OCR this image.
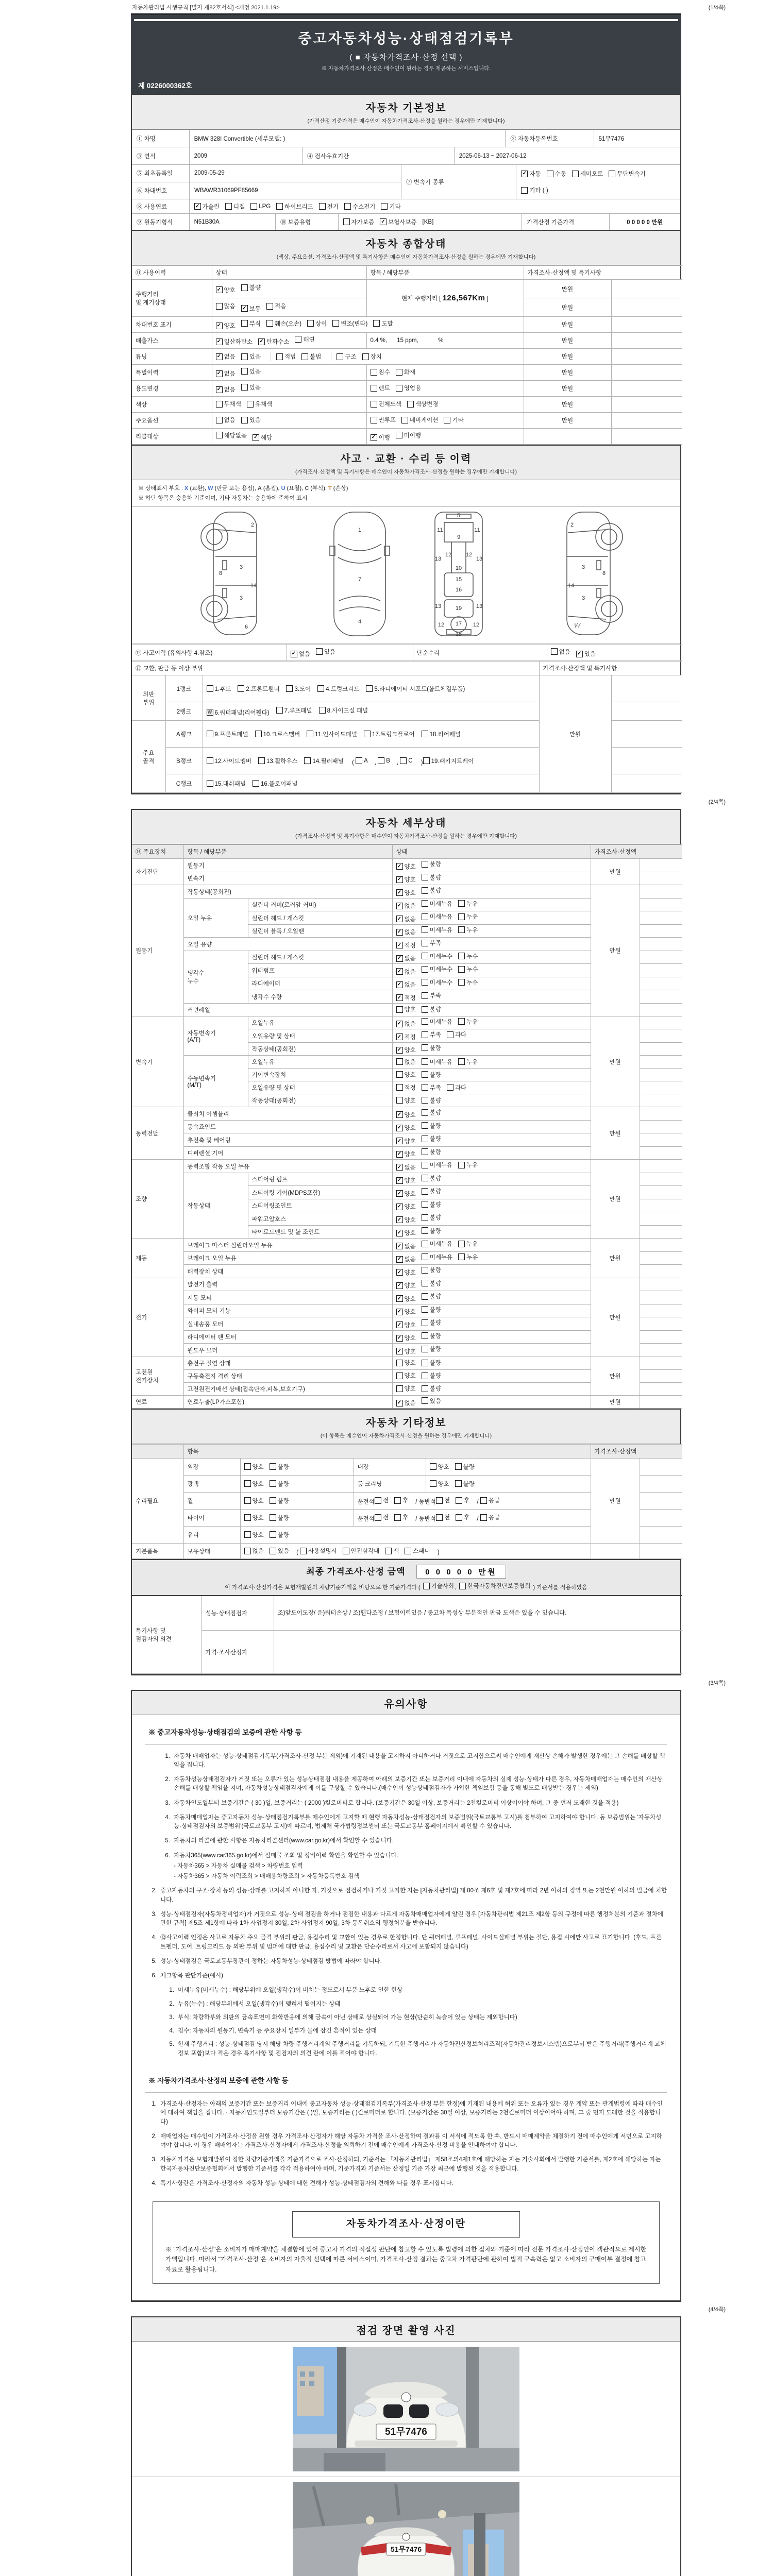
자동차관리법 시행규칙 [별지 제82호서식] <개정 2021.1.19>	(1/4쪽)
중고자동차성능·상태점검기록부
( ■ 자동차가격조사·산정 선택 )
※ 자동차가격조사·산정은 매수인이 원하는 경우 제공하는 서비스입니다.
제 0226000362호
자동차 기본정보
(가격산정 기준가격은 매수인이 자동차가격조사·산정을 원하는 경우에만 기재합니다)
① 차명	BMW 328I Convertible (세부모델: )	② 자동차등록번호	51무7476
③ 연식	2009	④ 검사유효기간	2025-06-13 ~ 2027-06-12
⑤ 최초등록일	2009-05-29
⑥ 차대번호	WBAWR31069PF85669
⑦ 변속기 종류
✓ 자동 수동 세미오토 무단변속기
기타 ( )
⑧ 사용연료	✓ 가솔린 디젤 LPG 하이브리드 전기 수소전기 기타
⑨ 원동기형식	N51B30A	⑩ 보증유형	자가보증 ✓ 보험사보증 [KB]	가격산정 기준가격	0 0 0 0 0 만원
자동차 종합상태
(색상, 주요옵션, 가격조사·산정액 및 특기사항은 매수인이 자동차가격조사·산정을 원하는 경우에만 기재합니다)
⑪ 사용이력	상태	항목 / 해당부품	가격조사·산정액 및 특기사항	
주행거리
및 계기상태	✓ 양호 불량	현재 주행거리 [ 126,567Km ]	만원	

	많음 ✓ 보통 적음		만원	
차대번호 표기	✓ 양호 부식 훼손(오손) 상이 변조(변타) 도말	만원	
배출가스	✓ 일산화탄소 ✓ 탄화수소 매연	0.4 %,      15 ppm,            %	만원	
튜닝	✓ 없음 있음	적법 불법	구조 장치	만원	
특별이력	✓ 없음 있음	침수 화재	만원	
용도변경	✓ 없음 있음	렌트 영업용	만원	
색상	무채색 유채색	전체도색 색상변경	만원	
주요옵션	없음 있음	썬루프 네비게이션 기타	만원	
리콜대상	해당없음 ✓ 해당	✓ 이행 미이행		

사고 · 교환 · 수리 등 이력
(가격조사·산정액 및 특기사항은 매수인이 자동차가격조사·산정을 원하는 경우에만 기재합니다)
※ 상태표시 부호 : X (교환), W (판금 또는 용접), A (흠집), U (요철), C (부식), T (손상)
※ 하단 항목은 승용차 기준이며, 기타 자동차는 승용차에 준하여 표시
2
8
3
3
14
6
1
7
4
5
11	11
9
13	13
12	12
10
15
16
19
13	13
12 17 12
18
2
8
3
3
14
W
⑫ 사고이력 (유의사항 4.참조)	✓ 없음 있음	단순수리	없음 ✓ 있음
⑬ 교환, 판금 등 이상 부위			가격조사·산정액 및 특기사항	
외판
부위	1랭크	1.후드 2.프론트휀더 3.도어 4.트렁크리드 5.라디에이터 서포트(볼트체결부품)	만원	
	2랭크	W 6.쿼터패널(리어휀다) 7.루프패널 8.사이드실 패널		

주요
골격	A랭크	9.프론트패널 10.크로스멤버 11.인사이드패널 17.트렁크플로어 18.리어패널		

B랭크	12.사이드멤버	13.휠하우스	14.필러패널 ( A , B , C ) 19.패키지트레이

	C랭크	15.대쉬패널 16.플로어패널		

(2/4쪽)
자동차 세부상태
(가격조사·산정액 및 특기사항은 매수인이 자동차가격조사·산정을 원하는 경우에만 기재합니다)
⑭ 주요장치	항목 / 해당부품		상태	가격조사·산정액	
자기진단	원동기		✓ 양호 불량	만원	
	변속기		✓ 양호 불량		

원동기	작동상태(공회전)		✓ 양호 불량	만원	
	오일 누유	실린더 커버(로커암 커버)	✓ 없음 미세누유 누유		

		실린더 헤드 / 개스킷	✓ 없음 미세누유 누유		

		실린더 블록 / 오일팬	✓ 없음 미세누유 누유		

	오일 유량		✓ 적정 부족		

	냉각수
누수	실린더 헤드 / 개스킷	✓ 없음 미세누수 누수		

		워터펌프	✓ 없음 미세누수 누수		

		라디에이터	✓ 없음 미세누수 누수		

		냉각수 수량	✓ 적정 부족		

	커먼레일		양호 불량		

변속기	자동변속기
(A/T)	오일누유	✓ 없음 미세누유 누유	만원	
		오일유량 및 상태	✓ 적정 부족 과다		

		작동상태(공회전)	✓ 양호 불량		

	수동변속기
(M/T)	오일누유	없음 미세누유 누유		

		기어변속장치	양호 불량		

		오일유량 및 상태	적정 부족 과다		

		작동상태(공회전)	양호 불량		

동력전달	클러치 어셈블리		✓ 양호 불량	만원	
	등속죠인트		✓ 양호 불량		

	추진축 및 베어링		✓ 양호 불량		

	디퍼렌셜 기어		✓ 양호 불량		

조향	동력조향 작동 오일 누유		✓ 없음 미세누유 누유	만원	
	작동상태	스티어링 펌프	✓ 양호 불량		

		스티어링 기어(MDPS포함)	✓ 양호 불량		

		스티어링조인트	✓ 양호 불량		

		파워고압호스	✓ 양호 불량		

		타이로드엔드 및 볼 조인트	✓ 양호 불량		

제동	브레이크 마스터 실린더오일 누유		✓ 없음 미세누유 누유	만원	
	브레이크 오일 누유		✓ 없음 미세누유 누유		

	배력장치 상태		✓ 양호 불량		

전기	발전기 출력		✓ 양호 불량	만원	
	시동 모터		✓ 양호 불량		

	와이퍼 모터 기능		✓ 양호 불량		

	실내송풍 모터		✓ 양호 불량		

	라디에이터 팬 모터		✓ 양호 불량		

	윈도우 모터		✓ 양호 불량		

고전원
전기장치	충전구 절연 상태		양호 불량	만원	
	구동축전지 격리 상태		양호 불량		

	고전원전기배선 상태(접속단자,피복,보호기구)		양호 불량		

연료	연료누출(LP가스포함)		✓ 없음 있음	만원	
자동차 기타정보
(이 항목은 매수인이 자동차가격조사·산정을 원하는 경우에만 기재합니다)
	항목				가격조사·산정액	
수리필요	외장	양호 불량	내장	양호 불량	만원	
	광택	양호 불량	룸 크리닝	양호 불량		

휠	양호 불량	운전석 전 후 / 동반석 전 후 / 응급

타이어	양호 불량	운전석 전 후 / 동반석 전 후 / 응급

	유리	양호 불량				

기본품목	보유상태	없음 있음 ( 사용설명서 안전삼각대 잭 스패너 )		
최종 가격조사·산정 금액	0 0 0 0 0 만원
이 가격조사·산정가격은 보험개발원의 차량기준가액을 바탕으로 한 기준가격과 ( 기술사회 , 한국자동차진단보증협회 ) 기준서를 적용하였음
특기사항 및
점검자의 의견	성능·상태점검자	조)앞도어도장/ 운)쿼터손상 / 조)휀다조정 / 보험이력있음 / 중고차 특성상 부분적인 판금 도색은 있을 수 있습니다.
	가격·조사산정자	
(3/4쪽)
유의사항
※ 중고자동차성능·상태점검의 보증에 관한 사항 등
1. 자동차 매매업자는 성능·상태점검기록부(가격조사·산정 부분 제외)에 기재된 내용을 고지하지 아니하거나 거짓으로 고지함으로써 매수인에게 재산상 손해가 발생한 경우에는 그 손해를 배상할 책임을 집니다.
2. 자동차성능상태점검자가 거짓 또는 오류가 있는 성능상태점검 내용을 제공하여 아래의 보증기간 또는 보증거리 이내에 자동차의 실제 성능·상태가 다른 경우, 자동차매매업자는 매수인의 재산상 손해를 배상할 책임을 지며, 자동차성능상태점검자에게 이를 구상할 수 있습니다.(매수인이 성능상태점검자가 가입한 책임보험 등을 통해 별도로 배상받는 경우는 제외)
3. 자동차인도일부터 보증기간은 ( 30 )일, 보증거리는 ( 2000 )킬로미터로 합니다. (보증기간은 30일 이상, 보증거리는 2천킬로미터 이상이어야 하며, 그 중 먼저 도래한 것을 적용)
4. 자동차매매업자는 중고자동차 성능·상태점검기록부를 매수인에게 고지할 때 현행 자동차성능·상태점검자의 보증범위(국토교통부 고시)를 첨부하여 고지하여야 합니다. 동 보증범위는 '자동차성능·상태점검자의 보증범위'(국토교통부 고시)에 따르며, 법제처 국가법령정보센터 또는 국토교통부 홈페이지에서 확인할 수 있습니다.
5. 자동차의 리콜에 관한 사항은 자동차리콜센터(www.car.go.kr)에서 확인할 수 있습니다.
6. 자동차365(www.car365.go.kr)에서 실매물 조회 및 정비이력 확인을 확인할 수 있습니다.
- 자동차365 > 자동차 실매물 검색 > 차량번호 입력
- 자동차365 > 자동차 이력조회 > 매매용차량조회 > 자동차등록번호 검색
2. 중고자동차의 구조·장치 등의 성능·상태를 고지하지 아니한 자, 거짓으로 점검하거나 거짓 고지한 자는 [자동차관리법] 제 80조 제6호 및 제7호에 따라 2년 이하의 징역 또는 2천만원 이하의 벌금에 처합니다.
3. 성능·상태점검자(자동차정비업자)가 거짓으로 성능·상태 점검을 하거나 점검한 내용과 다르게 자동차매매업자에게 알린 경우 [자동차관리법 제21조 제2항 등의 규정에 따른 행정처분의 기준과 절차에 관한 규칙] 제5조 제1항에 따라 1차 사업정지 30일, 2차 사업정지 90일, 3차 등록취소의 행정처분을 받습니다.
4. ⑫사고이력 인정은 사고로 자동차 주요 골격 부위의 판금, 용접수리 및 교환이 있는 경우로 한정합니다. 단 쿼터패널, 루프패널, 사이드실패널 부위는 절단, 용접 시에만 사고로 표기합니다. (후드, 프론트펜더, 도어, 트렁크리드 등 외판 부위 및 범퍼에 대한 판금, 용접수리 및 교환은 단순수리로서 사고에 포함되지 않습니다)
5. 성능·상태점검은 국토교통부장관이 정하는 자동차성능·상태점검 방법에 따라야 합니다.
6. 체크항목 판단기준(예시)
1. 미세누유(미세누수) : 해당부위에 오일(냉각수)이 비치는 정도로서 부품 노후로 인한 현상
2. 누유(누수) : 해당부위에서 오일(냉각수)이 맺혀서 떨어지는 상태
3. 부식: 차량하부와 외판의 금속표면이 화학반응에 의해 금속이 아닌 상태로 상실되어 가는 현상(단순히 녹슬어 있는 상태는 제외합니다)
4. 침수: 자동차의 원동기, 변속기 등 주요장치 일부가 물에 잠긴 흔적이 있는 상태
5. 현재 주행거리 : 성능·상태점검 당시 해당 차량 주행거리계의 주행거리를 기록하되, 기록한 주행거리가 자동차전산정보처리조직(자동차관리정보시스템)으로부터 받은 주행거리(주행거리계 교체 정보 포함)보다 적은 경우 특기사항 및 점검자의 의견 란에 이를 적어야 합니다.
※ 자동차가격조사·산정의 보증에 관한 사항 등
1. 가격조사·산정자는 아래의 보증기간 또는 보증거리 이내에 중고자동차 성능·상태점검기록부(가격조사·산정 부분 한정)에 기재된 내용에 허위 또는 오류가 있는 경우 계약 또는 관계법령에 따라 매수인에 대하여 책임을 집니다. · 자동차인도일부터 보증기간은 ( )일, 보증거리는 ( )킬로미터로 합니다. (보증기간은 30일 이상, 보증거리는 2천킬로미터 이상이어야 하며, 그 중 먼저 도래한 것을 적용합니다)
2. 매매업자는 매수인이 가격조사·산정을 원할 경우 가격조사·산정자가 해당 자동차 가격을 조사·산정하여 결과를 이 서식에 적도록 한 후, 반드시 매매계약을 체결하기 전에 매수인에게 서면으로 고지하여야 합니다. 이 경우 매매업자는 가격조사·산정자에게 가격조사·산정을 의뢰하기 전에 매수인에게 가격조사·산정 비용을 안내하여야 합니다.
3. 자동차가격은 보험개발원이 정한 차량기준가액을 기준가격으로 조사·산정하되, 기준서는 「자동차관리법」 제58조의4제1호에 해당하는 자는 기술사회에서 발행한 기준서를, 제2호에 해당하는 자는 한국자동차진단보증협회에서 발행한 기준서를 각각 적용하여야 하며, 기준가격과 기준서는 산정일 기준 가장 최근에 발행된 것을 적용합니다.
4. 특기사항란은 가격조사·산정자의 자동차 성능·상태에 대한 견해가 성능·상태점검자의 견해와 다를 경우 표시합니다.
자동차가격조사·산정이란
※ "가격조사·산정"은 소비자가 매매계약을 체결함에 있어 중고차 가격의 적절성 판단에 참고할 수 있도록 법령에 의한 절차와 기준에 따라 전문 가격조사·산정인이 객관적으로 제시한 가액입니다. 따라서 "가격조사·산정"은 소비자의 자율적 선택에 따른 서비스이며, 가격조사·산정 결과는 중고차 가격판단에 관하여 법적 구속력은 없고 소비자의 구매여부 결정에 참고자료로 활용됩니다.
(4/4쪽)
점검 장면 촬영 사진
51무7476
51무7476
